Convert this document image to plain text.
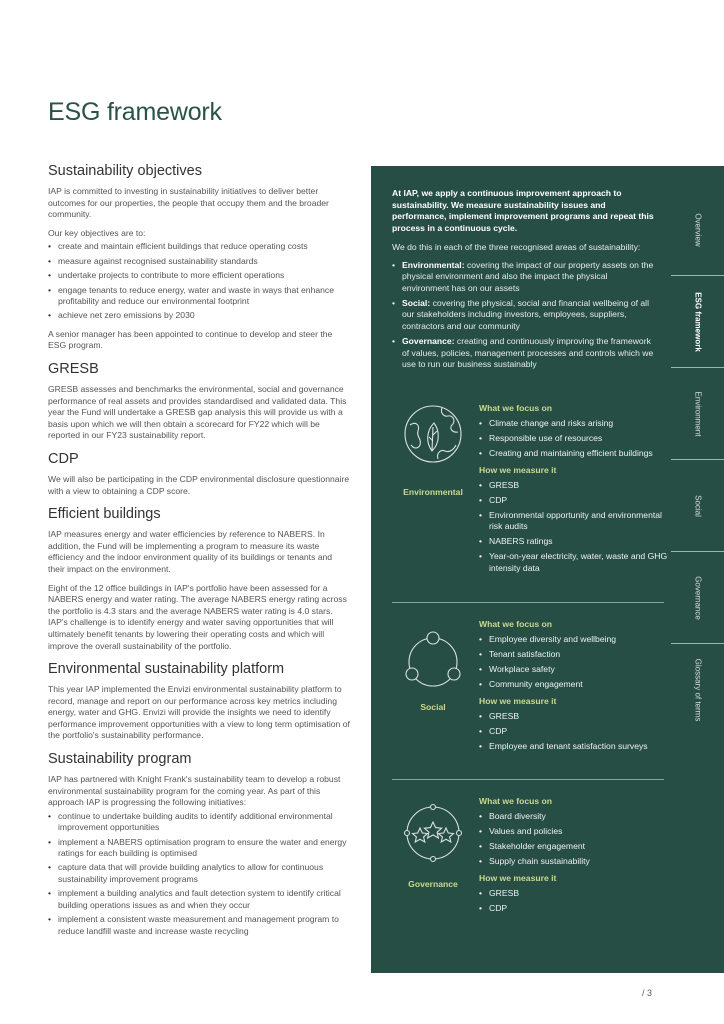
ESG framework
Sustainability objectives

IAP is committed to investing in sustainability initiatives to deliver better outcomes for our properties, the people that occupy them and the broader community.

Our key objectives are to:

• create and maintain efficient buildings that reduce operating costs
• measure against recognised sustainability standards
• undertake projects to contribute to more efficient operations
• engage tenants to reduce energy, water and waste in ways that enhance profitability and reduce our environmental footprint
• achieve net zero emissions by 2030

A senior manager has been appointed to continue to develop and steer the ESG program.

GRESB

GRESB assesses and benchmarks the environmental, social and governance performance of real assets and provides standardised and validated data. This year the Fund will undertake a GRESB gap analysis this will provide us with a basis upon which we will then obtain a scorecard for FY22 which will be reported in our FY23 sustainability report.

CDP

We will also be participating in the CDP environmental disclosure questionnaire with a view to obtaining a CDP score.

Efficient buildings

IAP measures energy and water efficiencies by reference to NABERS. In addition, the Fund will be implementing a program to measure its waste efficiency and the indoor environment quality of its buildings or tenants and their impact on the environment.

Eight of the 12 office buildings in IAP's portfolio have been assessed for a NABERS energy and water rating. The average NABERS energy rating across the portfolio is 4.3 stars and the average NABERS water rating is 4.0 stars. IAP's challenge is to identify energy and water saving opportunities that will ultimately benefit tenants by lowering their operating costs and which will improve the overall sustainability of the portfolio.

Environmental sustainability platform

This year IAP implemented the Envizi environmental sustainability platform to record, manage and report on our performance across key metrics including energy, water and GHG. Envizi will provide the insights we need to identify performance improvement opportunities with a view to long term optimisation of the portfolio's sustainability performance.

Sustainability program

IAP has partnered with Knight Frank's sustainability team to develop a robust environmental sustainability program for the coming year. As part of this approach IAP is progressing the following initiatives:

• continue to undertake building audits to identify additional environmental improvement opportunities
• implement a NABERS optimisation program to ensure the water and energy ratings for each building is optimised
• capture data that will provide building analytics to allow for continuous sustainability improvement programs
• implement a building analytics and fault detection system to identify critical building operations issues as and when they occur
• implement a consistent waste measurement and management program to reduce landfill waste and increase waste recycling

At IAP, we apply a continuous improvement approach to sustainability. We measure sustainability issues and performance, implement improvement programs and repeat this process in a continuous cycle.

We do this in each of the three recognised areas of sustainability:

• Environmental: covering the impact of our property assets on the physical environment and also the impact the physical environment has on our assets
• Social: covering the physical, social and financial wellbeing of all our stakeholders including investors, employees, suppliers, contractors and our community
• Governance: creating and continuously improving the framework of values, policies, management processes and controls which we use to run our business sustainably
Environmental
What we focus on
• Climate change and risks arising
• Responsible use of resources
• Creating and maintaining efficient buildings
How we measure it
• GRESB
• CDP
• Environmental opportunity and environmental risk audits
• NABERS ratings
• Year-on-year electricity, water, waste and GHG intensity data
Social
What we focus on
• Employee diversity and wellbeing
• Tenant satisfaction
• Workplace safety
• Community engagement
How we measure it
• GRESB
• CDP
• Employee and tenant satisfaction surveys
Governance
What we focus on
• Board diversity
• Values and policies
• Stakeholder engagement
• Supply chain sustainability
How we measure it
• GRESB
• CDP
Overview
ESG framework
Environment
Social
Governance
Glossary of terms
/ 3
